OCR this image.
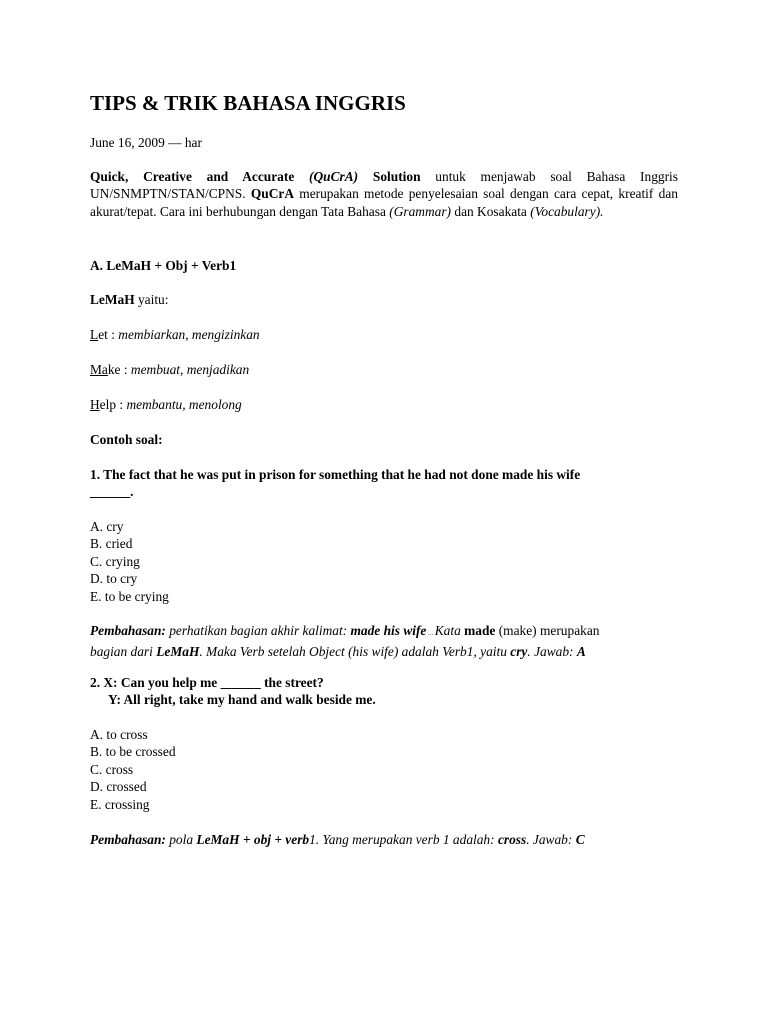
TIPS & TRIK BAHASA INGGRIS

June 16, 2009 — har

Quick, Creative and Accurate (QuCrA) Solution untuk menjawab soal Bahasa Inggris UN/SNMPTN/STAN/CPNS. QuCrA merupakan metode penyelesaian soal dengan cara cepat, kreatif dan akurat/tepat. Cara ini berhubungan dengan Tata Bahasa (Grammar) dan Kosakata (Vocabulary).

A. LeMaH + Obj + Verb1

LeMaH yaitu:

Let : membiarkan, mengizinkan

Make : membuat, menjadikan

Help : membantu, menolong

Contoh soal:

1. The fact that he was put in prison for something that he had not done made his wife
______.

A. cry
B. cried
C. crying
D. to cry
E. to be crying

Pembahasan: perhatikan bagian akhir kalimat: made his wife … Kata made (make) merupakan
bagian dari LeMaH. Maka Verb setelah Object (his wife) adalah Verb1, yaitu cry. Jawab: A

2. X: Can you help me ______ the street?
Y: All right, take my hand and walk beside me.

A. to cross
B. to be crossed
C. cross
D. crossed
E. crossing

Pembahasan: pola LeMaH + obj + verb1. Yang merupakan verb 1 adalah: cross. Jawab: C
